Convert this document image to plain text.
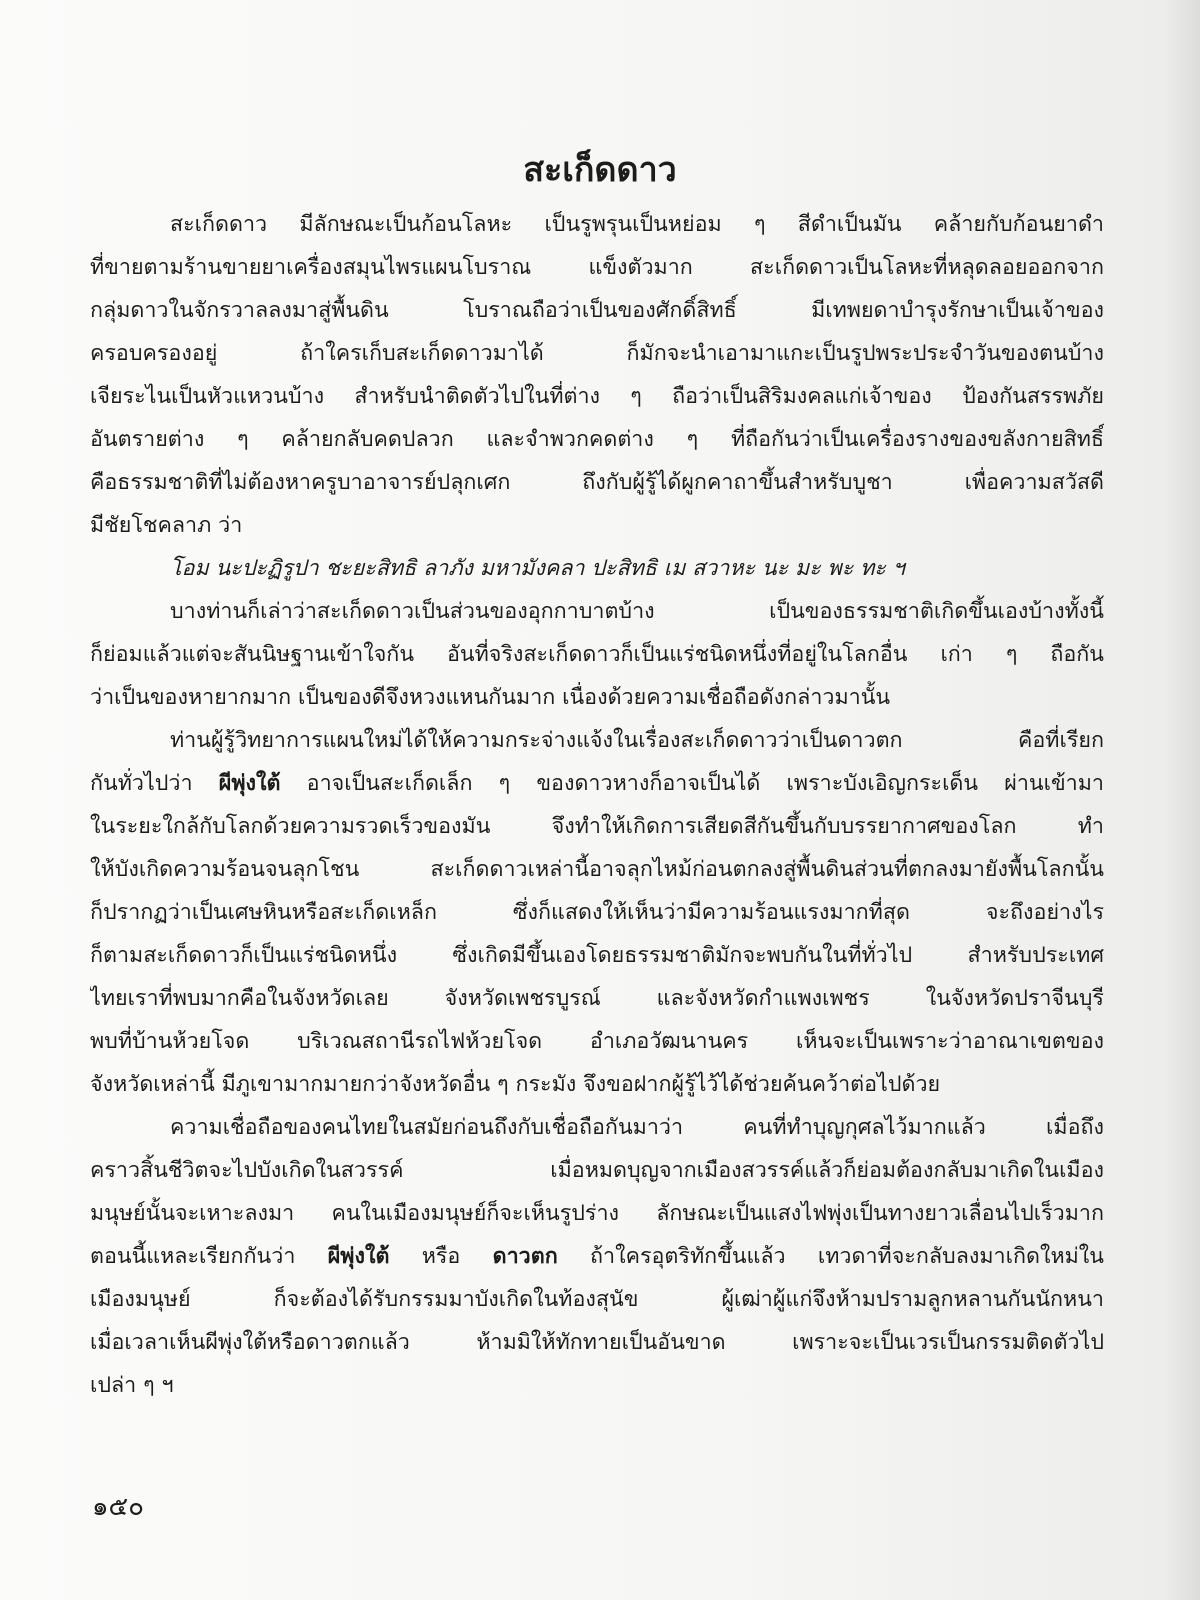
สะเก็ดดาว
สะเก็ดดาว มีลักษณะเป็นก้อนโลหะ เป็นรูพรุนเป็นหย่อม ๆ สีดำเป็นมัน คล้ายกับก้อนยาดำ
ที่ขายตามร้านขายยาเครื่องสมุนไพรแผนโบราณ แข็งตัวมาก สะเก็ดดาวเป็นโลหะที่หลุดลอยออกจาก
กลุ่มดาวในจักรวาลลงมาสู่พื้นดิน โบราณถือว่าเป็นของศักดิ์สิทธิ์ มีเทพยดาบำรุงรักษาเป็นเจ้าของ
ครอบครองอยู่ ถ้าใครเก็บสะเก็ดดาวมาได้ ก็มักจะนำเอามาแกะเป็นรูปพระประจำวันของตนบ้าง
เจียระไนเป็นหัวแหวนบ้าง สำหรับนำติดตัวไปในที่ต่าง ๆ ถือว่าเป็นสิริมงคลแก่เจ้าของ ป้องกันสรรพภัย
อันตรายต่าง ๆ คล้ายกลับคดปลวก และจำพวกคดต่าง ๆ ที่ถือกันว่าเป็นเครื่องรางของขลังกายสิทธิ์
คือธรรมชาติที่ไม่ต้องหาครูบาอาจารย์ปลุกเศก ถึงกับผู้รู้ได้ผูกคาถาขึ้นสำหรับบูชา เพื่อความสวัสดี
มีชัยโชคลาภ ว่า
โอม นะปะฏิรูปา ชะยะสิทธิ ลาภัง มหามังคลา ปะสิทธิ เม สวาหะ นะ มะ พะ ทะ ฯ
บางท่านก็เล่าว่าสะเก็ดดาวเป็นส่วนของอุกกาบาตบ้าง เป็นของธรรมชาติเกิดขึ้นเองบ้างทั้งนี้
ก็ย่อมแล้วแต่จะสันนิษฐานเข้าใจกัน อันที่จริงสะเก็ดดาวก็เป็นแร่ชนิดหนึ่งที่อยู่ในโลกอื่น เก่า ๆ ถือกัน
ว่าเป็นของหายากมาก เป็นของดีจึงหวงแหนกันมาก เนื่องด้วยความเชื่อถือดังกล่าวมานั้น
ท่านผู้รู้วิทยาการแผนใหม่ได้ให้ความกระจ่างแจ้งในเรื่องสะเก็ดดาวว่าเป็นดาวตก คือที่เรียก
กันทั่วไปว่า ผีพุ่งใต้ อาจเป็นสะเก็ดเล็ก ๆ ของดาวหางก็อาจเป็นได้ เพราะบังเอิญกระเด็น ผ่านเข้ามา
ในระยะใกล้กับโลกด้วยความรวดเร็วของมัน จึงทำให้เกิดการเสียดสีกันขึ้นกับบรรยากาศของโลก ทำ
ให้บังเกิดความร้อนจนลุกโชน สะเก็ดดาวเหล่านี้อาจลุกไหม้ก่อนตกลงสู่พื้นดินส่วนที่ตกลงมายังพื้นโลกนั้น
ก็ปรากฏว่าเป็นเศษหินหรือสะเก็ดเหล็ก ซึ่งก็แสดงให้เห็นว่ามีความร้อนแรงมากที่สุด จะถึงอย่างไร
ก็ตามสะเก็ดดาวก็เป็นแร่ชนิดหนึ่ง ซึ่งเกิดมีขึ้นเองโดยธรรมชาติมักจะพบกันในที่ทั่วไป สำหรับประเทศ
ไทยเราที่พบมากคือในจังหวัดเลย จังหวัดเพชรบูรณ์ และจังหวัดกำแพงเพชร ในจังหวัดปราจีนบุรี
พบที่บ้านห้วยโจด บริเวณสถานีรถไฟห้วยโจด อำเภอวัฒนานคร เห็นจะเป็นเพราะว่าอาณาเขตของ
จังหวัดเหล่านี้ มีภูเขามากมายกว่าจังหวัดอื่น ๆ กระมัง จึงขอฝากผู้รู้ไว้ได้ช่วยค้นคว้าต่อไปด้วย
ความเชื่อถือของคนไทยในสมัยก่อนถึงกับเชื่อถือกันมาว่า คนที่ทำบุญกุศลไว้มากแล้ว เมื่อถึง
คราวสิ้นชีวิตจะไปบังเกิดในสวรรค์ เมื่อหมดบุญจากเมืองสวรรค์แล้วก็ย่อมต้องกลับมาเกิดในเมือง
มนุษย์นั้นจะเหาะลงมา คนในเมืองมนุษย์ก็จะเห็นรูปร่าง ลักษณะเป็นแสงไฟพุ่งเป็นทางยาวเลื่อนไปเร็วมาก
ตอนนี้แหละเรียกกันว่า ผีพุ่งใต้ หรือ ดาวตก ถ้าใครอุตริทักขึ้นแล้ว เทวดาที่จะกลับลงมาเกิดใหม่ใน
เมืองมนุษย์ ก็จะต้องได้รับกรรมมาบังเกิดในท้องสุนัข ผู้เฒ่าผู้แก่จึงห้ามปรามลูกหลานกันนักหนา
เมื่อเวลาเห็นผีพุ่งใต้หรือดาวตกแล้ว ห้ามมิให้ทักทายเป็นอันขาด เพราะจะเป็นเวรเป็นกรรมติดตัวไป
เปล่า ๆ ฯ
๑๕๐
